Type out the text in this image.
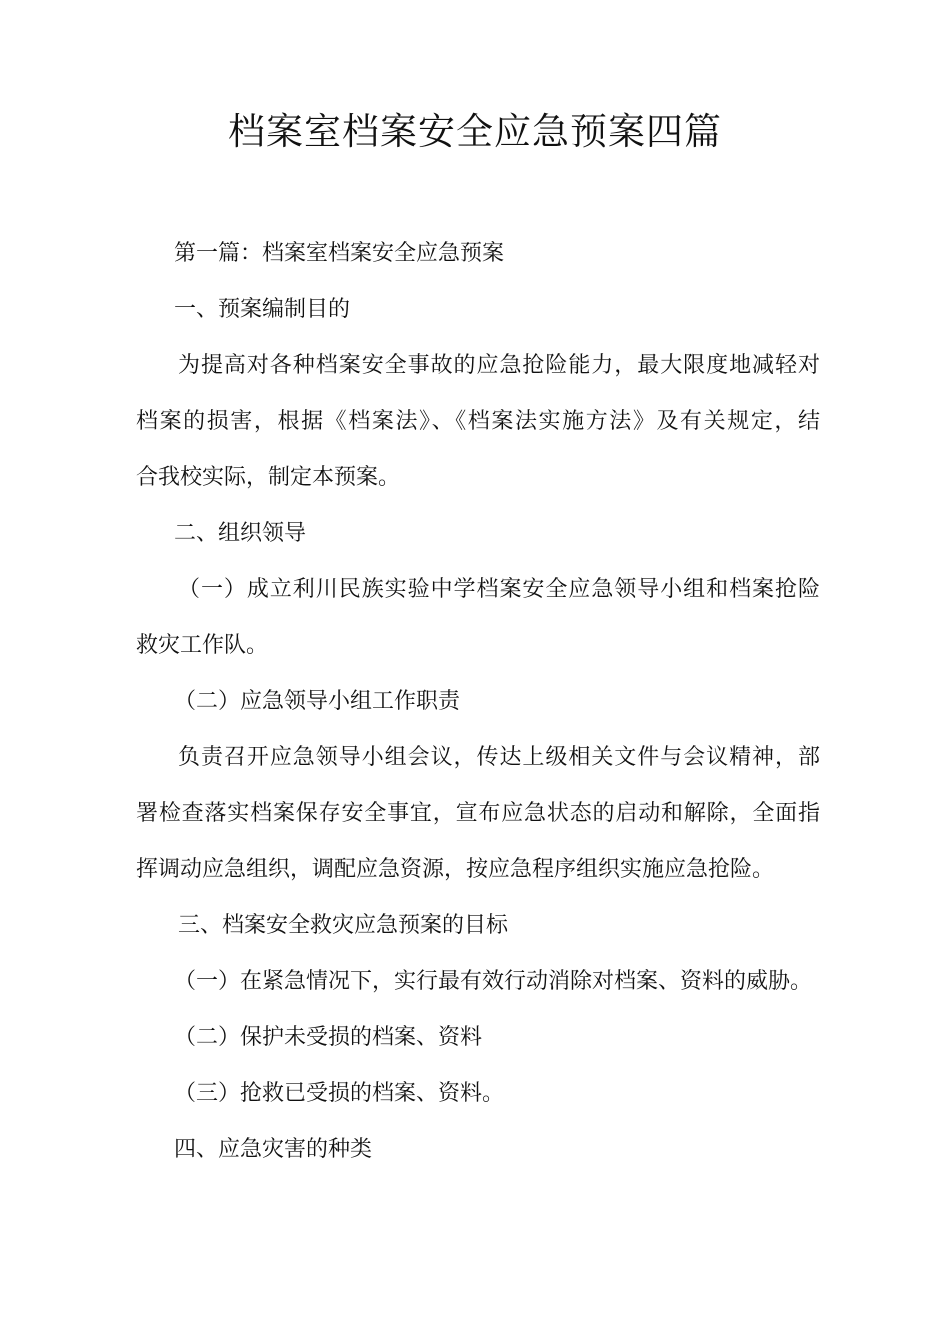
档案室档案安全应急预案四篇

第一篇：档案室档案安全应急预案

一、预案编制目的

为提高对各种档案安全事故的应急抢险能力，最大限度地减轻对

档案的损害，根据《档案法》、《档案法实施方法》及有关规定，结

合我校实际，制定本预案。

二、组织领导

（一）成立利川民族实验中学档案安全应急领导小组和档案抢险

救灾工作队。

（二）应急领导小组工作职责

负责召开应急领导小组会议，传达上级相关文件与会议精神，部

署检查落实档案保存安全事宜，宣布应急状态的启动和解除，全面指

挥调动应急组织，调配应急资源，按应急程序组织实施应急抢险。

三、档案安全救灾应急预案的目标

（一）在紧急情况下，实行最有效行动消除对档案、资料的威胁。

（二）保护未受损的档案、资料

（三）抢救已受损的档案、资料。

四、应急灾害的种类
